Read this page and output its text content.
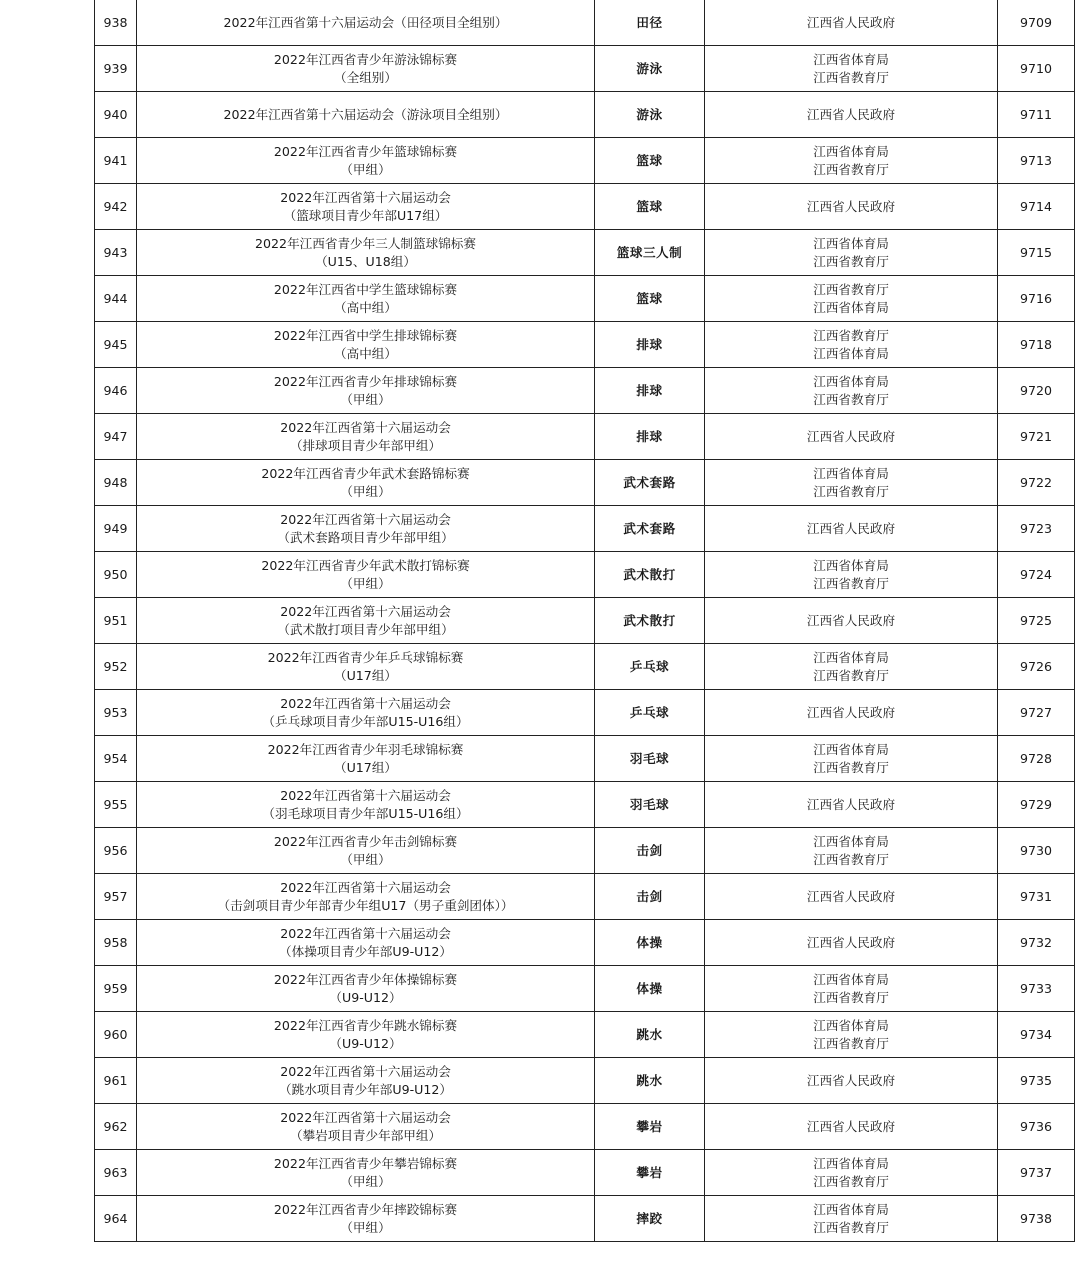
938	2022年江西省第十六届运动会（田径项目全组别）	田径	江西省人民政府	9709
939	2022年江西省青少年游泳锦标赛
（全组别）	游泳	江西省体育局
江西省教育厅	9710
940	2022年江西省第十六届运动会（游泳项目全组别）	游泳	江西省人民政府	9711
941	2022年江西省青少年篮球锦标赛
（甲组）	篮球	江西省体育局
江西省教育厅	9713
942	2022年江西省第十六届运动会
（篮球项目青少年部U17组）	篮球	江西省人民政府	9714
943	2022年江西省青少年三人制篮球锦标赛
（U15、U18组）	篮球三人制	江西省体育局
江西省教育厅	9715
944	2022年江西省中学生篮球锦标赛
（高中组）	篮球	江西省教育厅
江西省体育局	9716
945	2022年江西省中学生排球锦标赛
（高中组）	排球	江西省教育厅
江西省体育局	9718
946	2022年江西省青少年排球锦标赛
（甲组）	排球	江西省体育局
江西省教育厅	9720
947	2022年江西省第十六届运动会
（排球项目青少年部甲组）	排球	江西省人民政府	9721
948	2022年江西省青少年武术套路锦标赛
（甲组）	武术套路	江西省体育局
江西省教育厅	9722
949	2022年江西省第十六届运动会
（武术套路项目青少年部甲组）	武术套路	江西省人民政府	9723
950	2022年江西省青少年武术散打锦标赛
（甲组）	武术散打	江西省体育局
江西省教育厅	9724
951	2022年江西省第十六届运动会
（武术散打项目青少年部甲组）	武术散打	江西省人民政府	9725
952	2022年江西省青少年乒乓球锦标赛
（U17组）	乒乓球	江西省体育局
江西省教育厅	9726
953	2022年江西省第十六届运动会
（乒乓球项目青少年部U15-U16组）	乒乓球	江西省人民政府	9727
954	2022年江西省青少年羽毛球锦标赛
（U17组）	羽毛球	江西省体育局
江西省教育厅	9728
955	2022年江西省第十六届运动会
（羽毛球项目青少年部U15-U16组）	羽毛球	江西省人民政府	9729
956	2022年江西省青少年击剑锦标赛
（甲组）	击剑	江西省体育局
江西省教育厅	9730
957	2022年江西省第十六届运动会
（击剑项目青少年部青少年组U17（男子重剑团体））	击剑	江西省人民政府	9731
958	2022年江西省第十六届运动会
（体操项目青少年部U9-U12）	体操	江西省人民政府	9732
959	2022年江西省青少年体操锦标赛
（U9-U12）	体操	江西省体育局
江西省教育厅	9733
960	2022年江西省青少年跳水锦标赛
（U9-U12）	跳水	江西省体育局
江西省教育厅	9734
961	2022年江西省第十六届运动会
（跳水项目青少年部U9-U12）	跳水	江西省人民政府	9735
962	2022年江西省第十六届运动会
（攀岩项目青少年部甲组）	攀岩	江西省人民政府	9736
963	2022年江西省青少年攀岩锦标赛
（甲组）	攀岩	江西省体育局
江西省教育厅	9737
964	2022年江西省青少年摔跤锦标赛
（甲组）	摔跤	江西省体育局
江西省教育厅	9738
